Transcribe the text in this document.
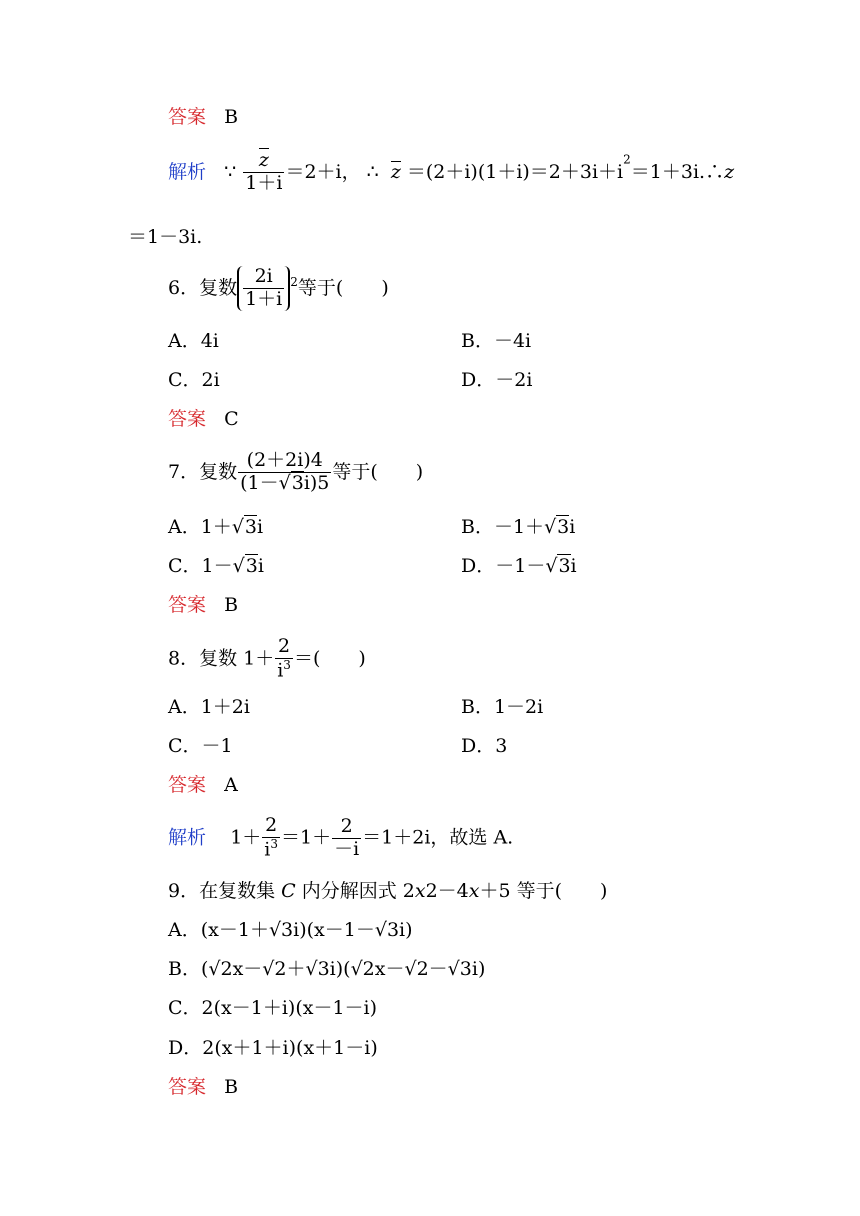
答案 B
解析 ∵ $\frac{z}{1+i} =2+i$， ∴ $z =(2+i)(1+i)=2+3i+i^2=1+3i.\therefore z$
＝1－3i.
6．复数 $\frac{2i}{1+i} ^2$等于(　　)
A．4i	B．－4i
C．2i	D．－2i
答案 C
7．复数 $\frac{(2+2i)4}{(1-√3i)5}$ 等于(　　)
A．1＋√3i	B．－1＋√3i
C．1－√3i	D．－1－√3i
答案 B
8．复数 $1+ \frac{2}{i^3}$ ＝(　　)
A．1＋2i	B．1－2i
C．－1	D．3
答案 A
解析 $1+ \frac{2}{i^3} =1+ \frac{2}{-i} =1+2i$，故选 A.
9．在复数集 C 内分解因式 2x2－4x＋5 等于(　　)
A．(x－1＋√3i)(x－1－√3i)
B．(√2x－√2＋√3i)(√2x－√2－√3i)
C．2(x－1＋i)(x－1－i)
D．2(x＋1＋i)(x＋1－i)
答案 B
